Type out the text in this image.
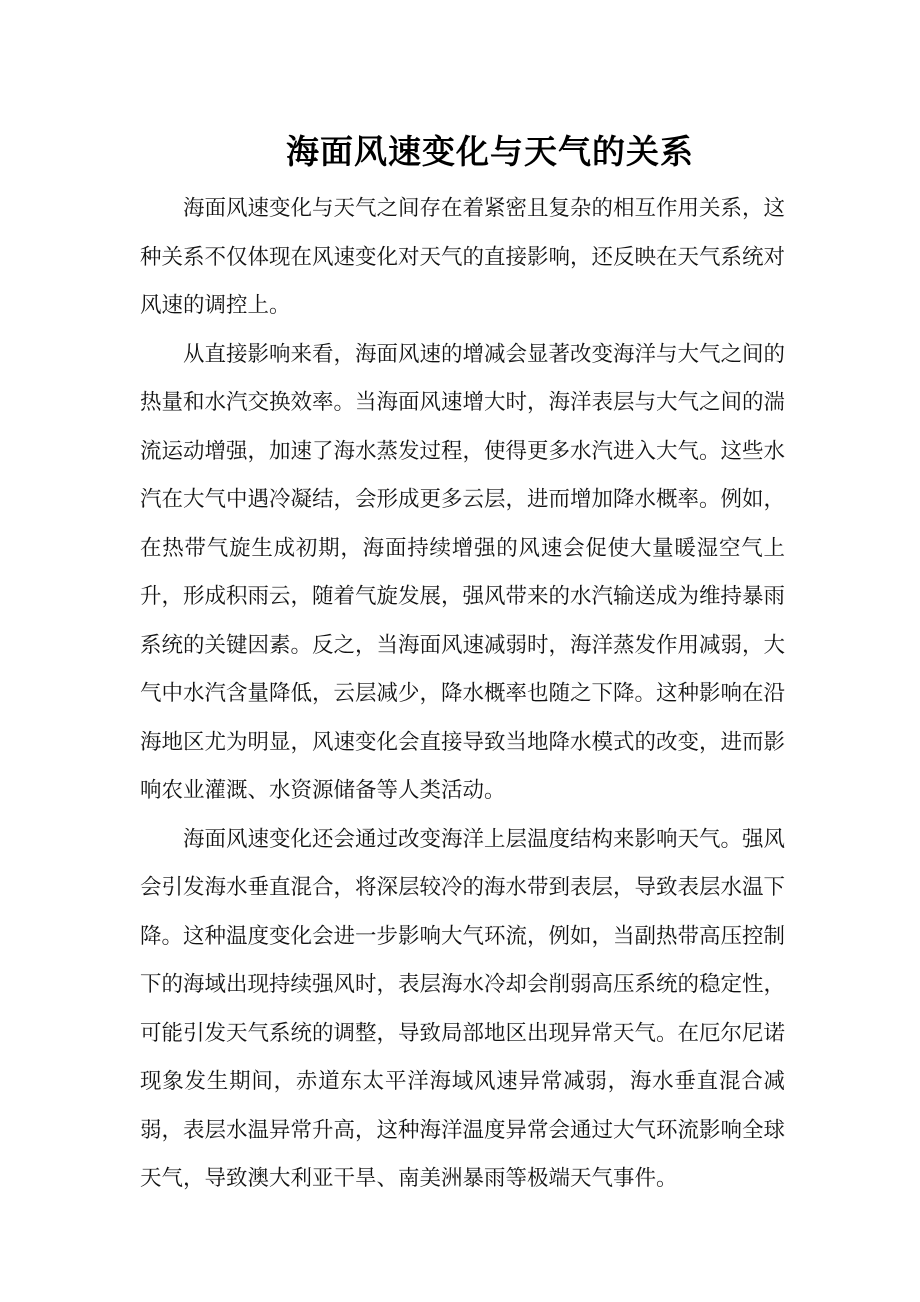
海面风速变化与天气的关系

海面风速变化与天气之间存在着紧密且复杂的相互作用关系，这种关系不仅体现在风速变化对天气的直接影响，还反映在天气系统对风速的调控上。

从直接影响来看，海面风速的增减会显著改变海洋与大气之间的热量和水汽交换效率。当海面风速增大时，海洋表层与大气之间的湍流运动增强，加速了海水蒸发过程，使得更多水汽进入大气。这些水汽在大气中遇冷凝结，会形成更多云层，进而增加降水概率。例如，在热带气旋生成初期，海面持续增强的风速会促使大量暖湿空气上升，形成积雨云，随着气旋发展，强风带来的水汽输送成为维持暴雨系统的关键因素。反之，当海面风速减弱时，海洋蒸发作用减弱，大气中水汽含量降低，云层减少，降水概率也随之下降。这种影响在沿海地区尤为明显，风速变化会直接导致当地降水模式的改变，进而影响农业灌溉、水资源储备等人类活动。

海面风速变化还会通过改变海洋上层温度结构来影响天气。强风会引发海水垂直混合，将深层较冷的海水带到表层，导致表层水温下降。这种温度变化会进一步影响大气环流，例如，当副热带高压控制下的海域出现持续强风时，表层海水冷却会削弱高压系统的稳定性，可能引发天气系统的调整，导致局部地区出现异常天气。在厄尔尼诺现象发生期间，赤道东太平洋海域风速异常减弱，海水垂直混合减弱，表层水温异常升高，这种海洋温度异常会通过大气环流影响全球天气，导致澳大利亚干旱、南美洲暴雨等极端天气事件。
